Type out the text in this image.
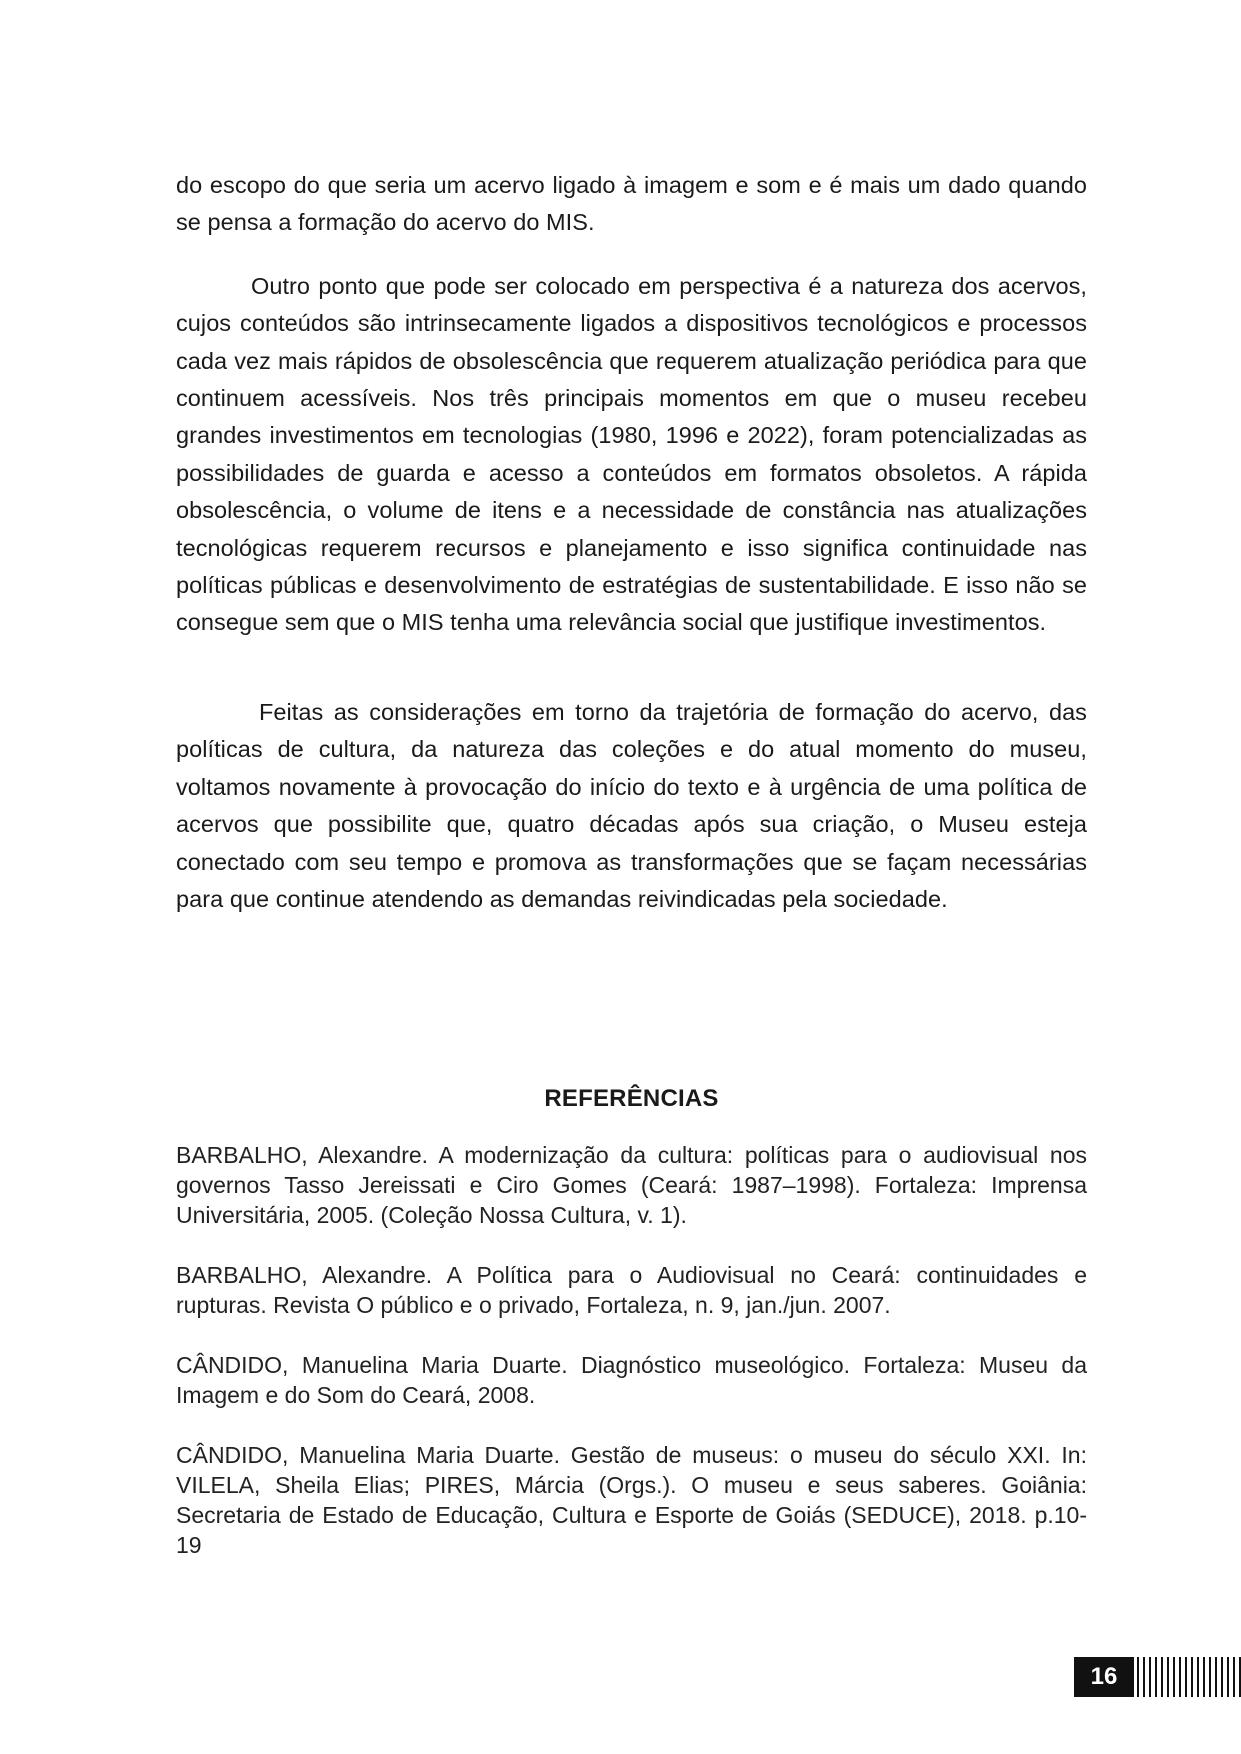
do escopo do que seria um acervo ligado à imagem e som e é mais um dado quando se pensa a formação do acervo do MIS.

Outro ponto que pode ser colocado em perspectiva é a natureza dos acervos, cujos conteúdos são intrinsecamente ligados a dispositivos tecnológicos e processos cada vez mais rápidos de obsolescência que requerem atualização periódica para que continuem acessíveis. Nos três principais momentos em que o museu recebeu grandes investimentos em tecnologias (1980, 1996 e 2022), foram potencializadas as possibilidades de guarda e acesso a conteúdos em formatos obsoletos. A rápida obsolescência, o volume de itens e a necessidade de constância nas atualizações tecnológicas requerem recursos e planejamento e isso significa continuidade nas políticas públicas e desenvolvimento de estratégias de sustentabilidade. E isso não se consegue sem que o MIS tenha uma relevância social que justifique investimentos.

Feitas as considerações em torno da trajetória de formação do acervo, das políticas de cultura, da natureza das coleções e do atual momento do museu, voltamos novamente à provocação do início do texto e à urgência de uma política de acervos que possibilite que, quatro décadas após sua criação, o Museu esteja conectado com seu tempo e promova as transformações que se façam necessárias para que continue atendendo as demandas reivindicadas pela sociedade.

REFERÊNCIAS

BARBALHO, Alexandre. A modernização da cultura: políticas para o audiovisual nos governos Tasso Jereissati e Ciro Gomes (Ceará: 1987–1998). Fortaleza: Imprensa Universitária, 2005. (Coleção Nossa Cultura, v. 1).

BARBALHO, Alexandre. A Política para o Audiovisual no Ceará: continuidades e rupturas. Revista O público e o privado, Fortaleza, n. 9, jan./jun. 2007.

CÂNDIDO, Manuelina Maria Duarte. Diagnóstico museológico. Fortaleza: Museu da Imagem e do Som do Ceará, 2008.

CÂNDIDO, Manuelina Maria Duarte. Gestão de museus: o museu do século XXI. In: VILELA, Sheila Elias; PIRES, Márcia (Orgs.). O museu e seus saberes. Goiânia: Secretaria de Estado de Educação, Cultura e Esporte de Goiás (SEDUCE), 2018. p.10-19

16
